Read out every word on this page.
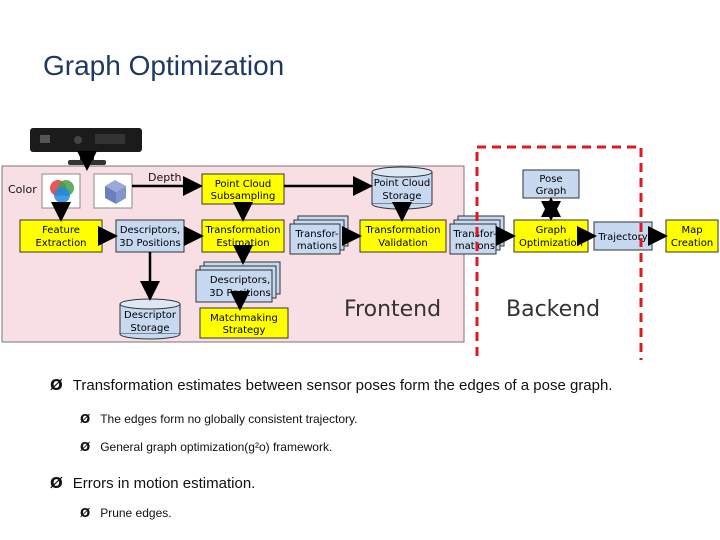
Graph Optimization
Color
Depth
Point Cloud
Subsampling
Point Cloud
Storage
Pose
Graph
Feature
Extraction
Descriptors,
3D Positions
Transformation
Estimation
Transfor-
mations
Transformation
Validation
Transfor-
mations
Graph
Optimization
Trajectory
Map
Creation
Descriptors,
3D Positions
Descriptor
Storage
Matchmaking
Strategy
Frontend	Backend
Ø Transformation estimates between sensor poses form the edges of a pose graph.
Ø The edges form no globally consistent trajectory.
Ø General graph optimization(g²o) framework.
Ø Errors in motion estimation.
Ø Prune edges.
